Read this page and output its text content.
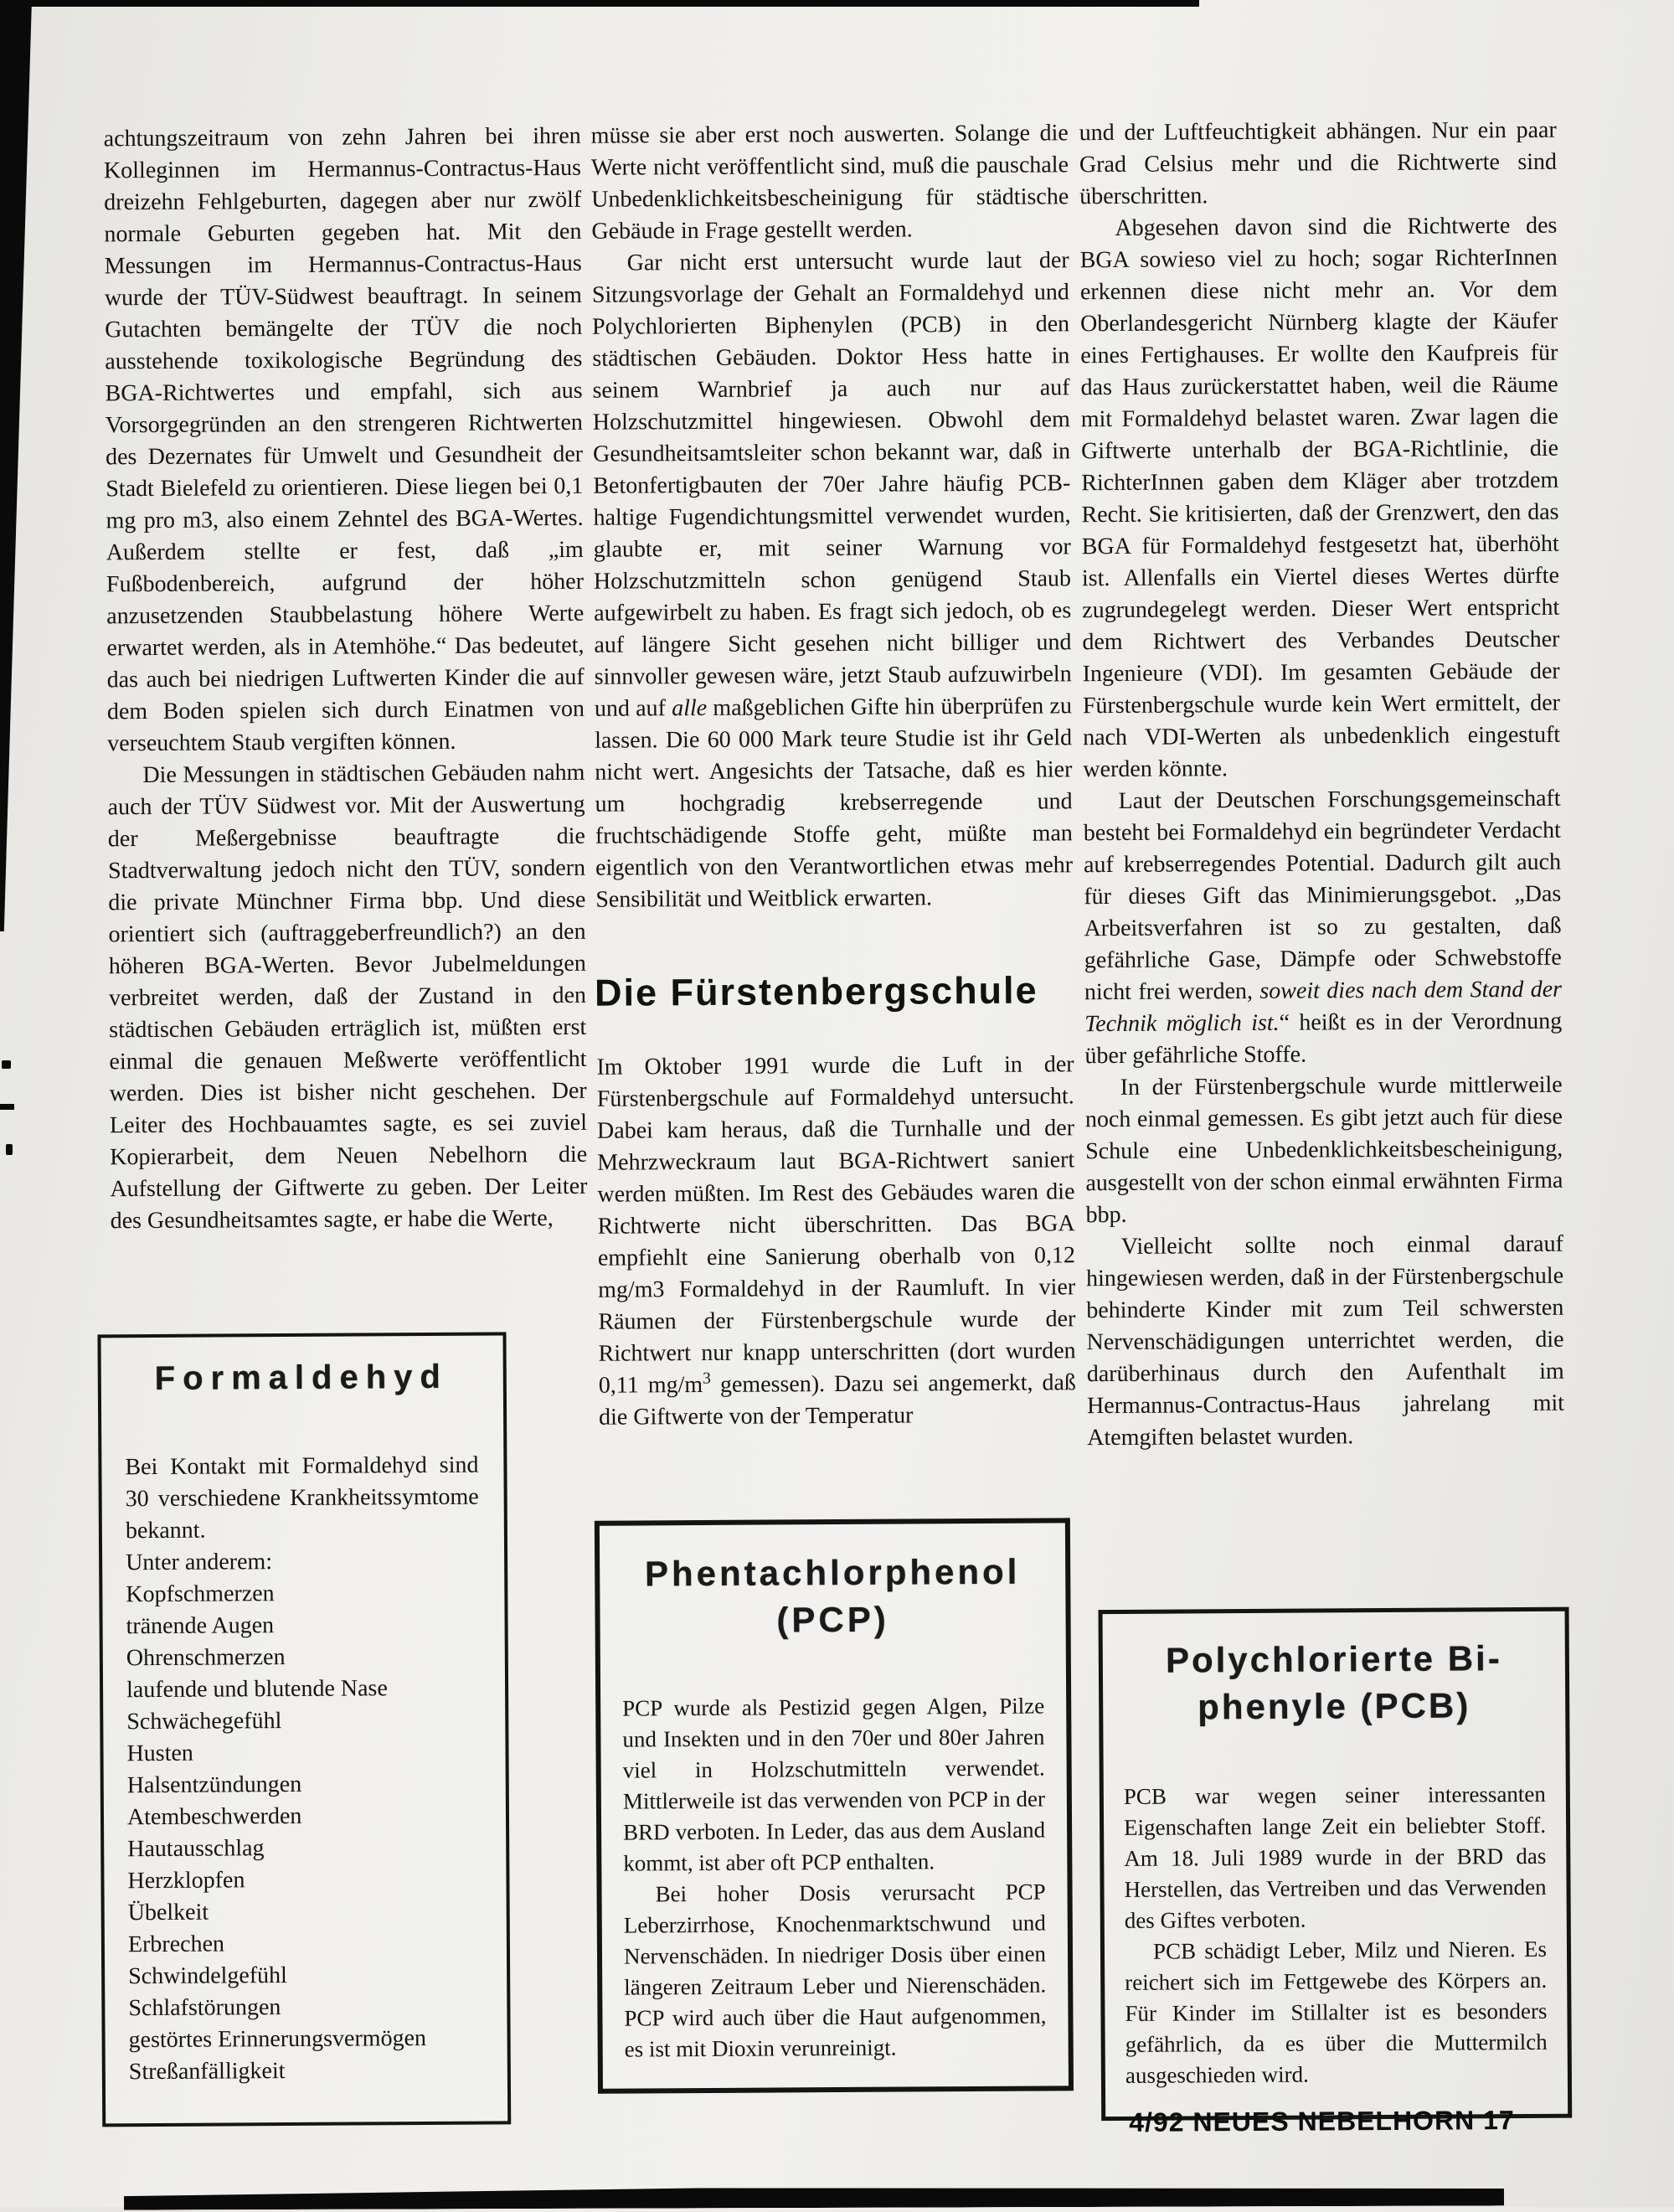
achtungszeitraum von zehn Jahren bei ihren Kolleginnen im Hermannus-Contractus-Haus dreizehn Fehlgeburten, dagegen aber nur zwölf normale Geburten gegeben hat. Mit den Messungen im Hermannus-Contractus-Haus wurde der TÜV-Südwest beauftragt. In seinem Gutachten bemängelte der TÜV die noch ausstehende toxikologische Begründung des BGA-Richtwertes und empfahl, sich aus Vorsorgegründen an den strengeren Richtwerten des Dezernates für Umwelt und Gesundheit der Stadt Bielefeld zu orientieren. Diese liegen bei 0,1 mg pro m3, also einem Zehntel des BGA-Wertes. Außerdem stellte er fest, daß „im Fußbodenbereich, aufgrund der höher anzusetzenden Staubbelastung höhere Werte erwartet werden, als in Atemhöhe.“ Das bedeutet, das auch bei niedrigen Luftwerten Kinder die auf dem Boden spielen sich durch Einatmen von verseuchtem Staub vergiften können.

Die Messungen in städtischen Gebäuden nahm auch der TÜV Südwest vor. Mit der Auswertung der Meßergebnisse beauftragte die Stadtverwaltung jedoch nicht den TÜV, sondern die private Münchner Firma bbp. Und diese orientiert sich (auftraggeberfreundlich?) an den höheren BGA-Werten. Bevor Jubelmeldungen verbreitet werden, daß der Zustand in den städtischen Gebäuden erträglich ist, müßten erst einmal die genauen Meßwerte veröffentlicht werden. Dies ist bisher nicht geschehen. Der Leiter des Hochbauamtes sagte, es sei zuviel Kopierarbeit, dem Neuen Nebelhorn die Aufstellung der Giftwerte zu geben. Der Leiter des Gesundheitsamtes sagte, er habe die Werte,

Formaldehyd
Bei Kontakt mit Formaldehyd sind 30 verschiedene Krankheitssymtome bekannt.
Unter anderem:
Kopfschmerzen
tränende Augen
Ohrenschmerzen
laufende und blutende Nase
Schwächegefühl
Husten
Halsentzündungen
Atembeschwerden
Hautausschlag
Herzklopfen
Übelkeit
Erbrechen
Schwindelgefühl
Schlafstörungen
gestörtes Erinnerungsvermögen
Streßanfälligkeit

müsse sie aber erst noch auswerten. Solange die Werte nicht veröffentlicht sind, muß die pauschale Unbedenklichkeitsbescheinigung für städtische Gebäude in Frage gestellt werden.

Gar nicht erst untersucht wurde laut der Sitzungsvorlage der Gehalt an Formaldehyd und Polychlorierten Biphenylen (PCB) in den städtischen Gebäuden. Doktor Hess hatte in seinem Warnbrief ja auch nur auf Holzschutzmittel hingewiesen. Obwohl dem Gesundheitsamtsleiter schon bekannt war, daß in Betonfertigbauten der 70er Jahre häufig PCB-haltige Fugendichtungsmittel verwendet wurden, glaubte er, mit seiner Warnung vor Holzschutzmitteln schon genügend Staub aufgewirbelt zu haben. Es fragt sich jedoch, ob es auf längere Sicht gesehen nicht billiger und sinnvoller gewesen wäre, jetzt Staub aufzuwirbeln und auf alle maßgeblichen Gifte hin überprüfen zu lassen. Die 60 000 Mark teure Studie ist ihr Geld nicht wert. Angesichts der Tatsache, daß es hier um hochgradig krebserregende und fruchtschädigende Stoffe geht, müßte man eigentlich von den Verantwortlichen etwas mehr Sensibilität und Weitblick erwarten.

Die Fürstenbergschule

Im Oktober 1991 wurde die Luft in der Fürstenbergschule auf Formaldehyd untersucht. Dabei kam heraus, daß die Turnhalle und der Mehrzweckraum laut BGA-Richtwert saniert werden müßten. Im Rest des Gebäudes waren die Richtwerte nicht überschritten. Das BGA empfiehlt eine Sanierung oberhalb von 0,12 mg/m3 Formaldehyd in der Raumluft. In vier Räumen der Fürstenbergschule wurde der Richtwert nur knapp unterschritten (dort wurden 0,11 $mg/m^3$ gemessen). Dazu sei angemerkt, daß die Giftwerte von der Temperatur

Phentachlorphenol
(PCP)

PCP wurde als Pestizid gegen Algen, Pilze und Insekten und in den 70er und 80er Jahren viel in Holzschutmitteln verwendet. Mittlerweile ist das verwenden von PCP in der BRD verboten. In Leder, das aus dem Ausland kommt, ist aber oft PCP enthalten.

Bei hoher Dosis verursacht PCP Leberzirrhose, Knochenmarktschwund und Nervenschäden. In niedriger Dosis über einen längeren Zeitraum Leber und Nierenschäden. PCP wird auch über die Haut aufgenommen, es ist mit Dioxin verunreinigt.

und der Luftfeuchtigkeit abhängen. Nur ein paar Grad Celsius mehr und die Richtwerte sind überschritten.

Abgesehen davon sind die Richtwerte des BGA sowieso viel zu hoch; sogar RichterInnen erkennen diese nicht mehr an. Vor dem Oberlandesgericht Nürnberg klagte der Käufer eines Fertighauses. Er wollte den Kaufpreis für das Haus zurückerstattet haben, weil die Räume mit Formaldehyd belastet waren. Zwar lagen die Giftwerte unterhalb der BGA-Richtlinie, die RichterInnen gaben dem Kläger aber trotzdem Recht. Sie kritisierten, daß der Grenzwert, den das BGA für Formaldehyd festgesetzt hat, überhöht ist. Allenfalls ein Viertel dieses Wertes dürfte zugrundegelegt werden. Dieser Wert entspricht dem Richtwert des Verbandes Deutscher Ingenieure (VDI). Im gesamten Gebäude der Fürstenbergschule wurde kein Wert ermittelt, der nach VDI-Werten als unbedenklich eingestuft werden könnte.

Laut der Deutschen Forschungsgemeinschaft besteht bei Formaldehyd ein begründeter Verdacht auf krebserregendes Potential. Dadurch gilt auch für dieses Gift das Minimierungsgebot. „Das Arbeitsverfahren ist so zu gestalten, daß gefährliche Gase, Dämpfe oder Schwebstoffe nicht frei werden, soweit dies nach dem Stand der Technik möglich ist.“ heißt es in der Verordnung über gefährliche Stoffe.

In der Fürstenbergschule wurde mittlerweile noch einmal gemessen. Es gibt jetzt auch für diese Schule eine Unbedenklichkeitsbescheinigung, ausgestellt von der schon einmal erwähnten Firma bbp.

Vielleicht sollte noch einmal darauf hingewiesen werden, daß in der Fürstenbergschule behinderte Kinder mit zum Teil schwersten Nervenschädigungen unterrichtet werden, die darüberhinaus durch den Aufenthalt im Hermannus-Contractus-Haus jahrelang mit Atemgiften belastet wurden.

Polychlorierte Bi-
phenyle (PCB)

PCB war wegen seiner interessanten Eigenschaften lange Zeit ein beliebter Stoff. Am 18. Juli 1989 wurde in der BRD das Herstellen, das Vertreiben und das Verwenden des Giftes verboten.

PCB schädigt Leber, Milz und Nieren. Es reichert sich im Fettgewebe des Körpers an. Für Kinder im Stillalter ist es besonders gefährlich, da es über die Muttermilch ausgeschieden wird.

4/92 NEUES NEBELHORN 17
